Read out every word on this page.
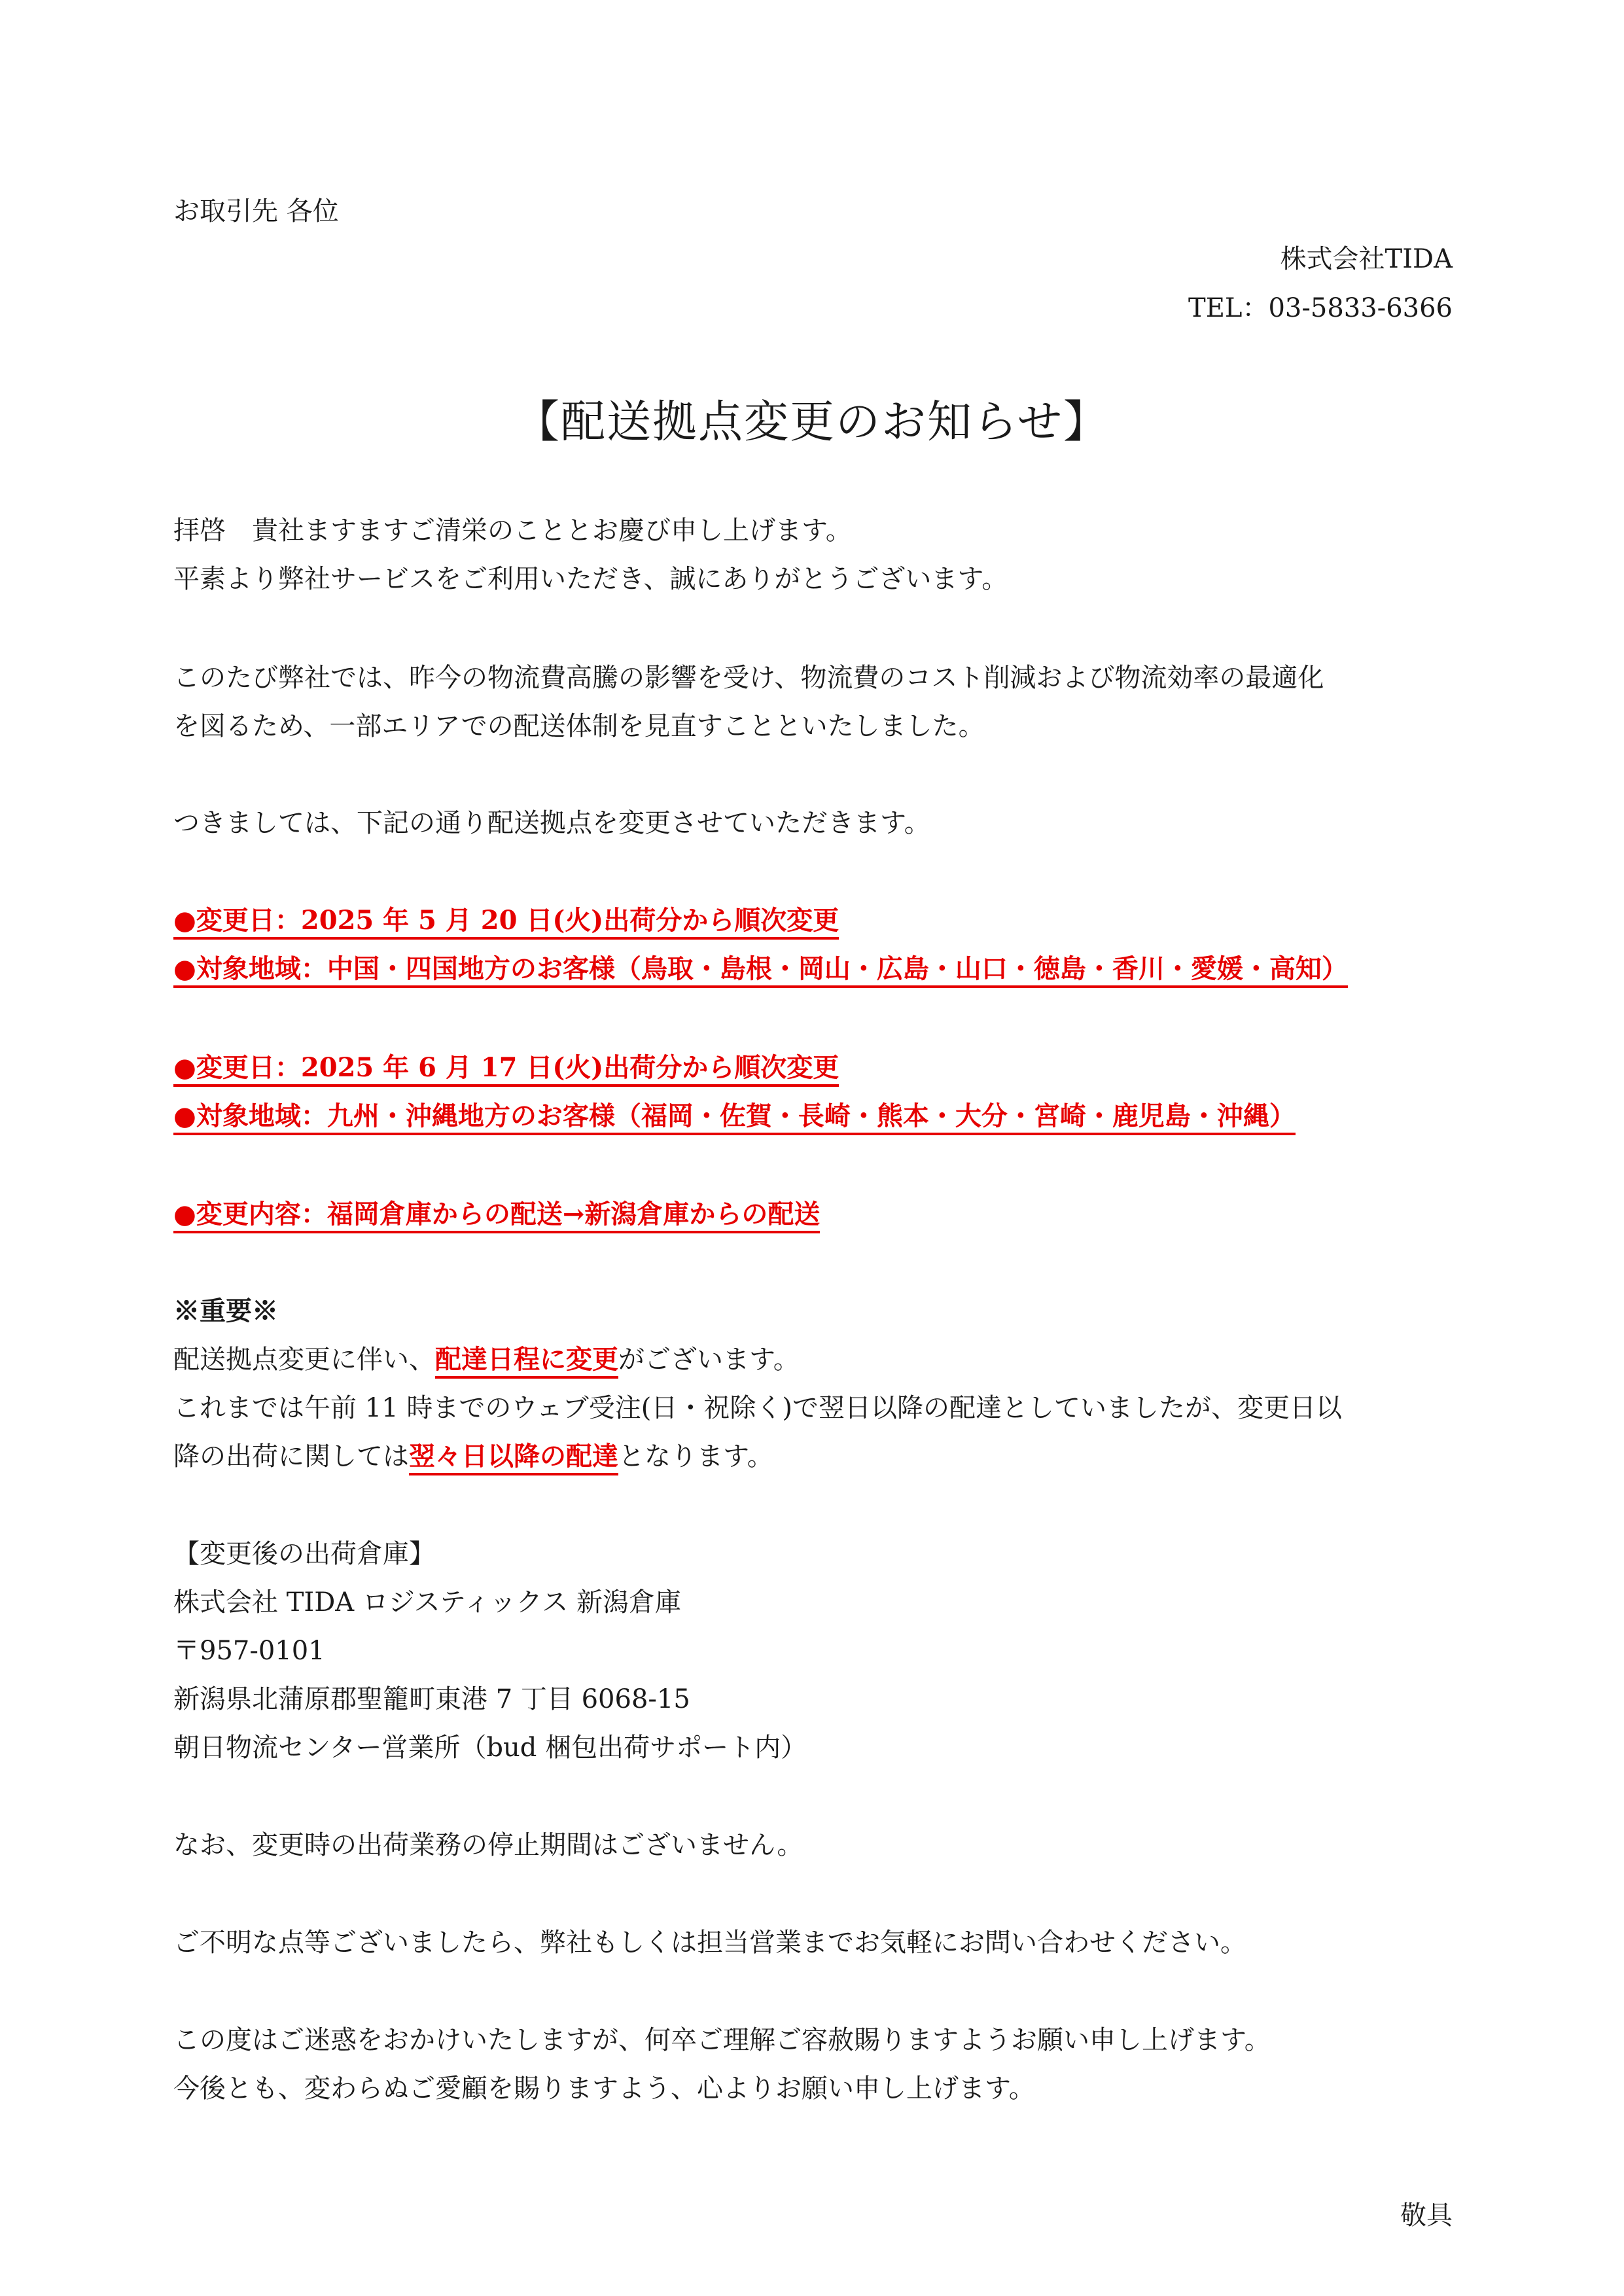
お取引先 各位
株式会社TIDA
TEL：03-5833-6366
【配送拠点変更のお知らせ】
拝啓　貴社ますますご清栄のこととお慶び申し上げます。
平素より弊社サービスをご利用いただき、誠にありがとうございます。
このたび弊社では、昨今の物流費高騰の影響を受け、物流費のコスト削減および物流効率の最適化
を図るため、一部エリアでの配送体制を見直すことといたしました。
つきましては、下記の通り配送拠点を変更させていただきます。
●変更日：2025 年 5 月 20 日(火)出荷分から順次変更
●対象地域：中国・四国地方のお客様（鳥取・島根・岡山・広島・山口・徳島・香川・愛媛・高知）
●変更日：2025 年 6 月 17 日(火)出荷分から順次変更
●対象地域：九州・沖縄地方のお客様（福岡・佐賀・長崎・熊本・大分・宮崎・鹿児島・沖縄）
●変更内容：福岡倉庫からの配送→新潟倉庫からの配送
※重要※
配送拠点変更に伴い、配達日程に変更がございます。
これまでは午前 11 時までのウェブ受注(日・祝除く)で翌日以降の配達としていましたが、変更日以
降の出荷に関しては翌々日以降の配達となります。
【変更後の出荷倉庫】
株式会社 TIDA ロジスティックス 新潟倉庫
〒957-0101
新潟県北蒲原郡聖籠町東港 7 丁目 6068-15
朝日物流センター営業所（bud 梱包出荷サポート内）
なお、変更時の出荷業務の停止期間はございません。
ご不明な点等ございましたら、弊社もしくは担当営業までお気軽にお問い合わせください。
この度はご迷惑をおかけいたしますが、何卒ご理解ご容赦賜りますようお願い申し上げます。
今後とも、変わらぬご愛顧を賜りますよう、心よりお願い申し上げます。
敬具
